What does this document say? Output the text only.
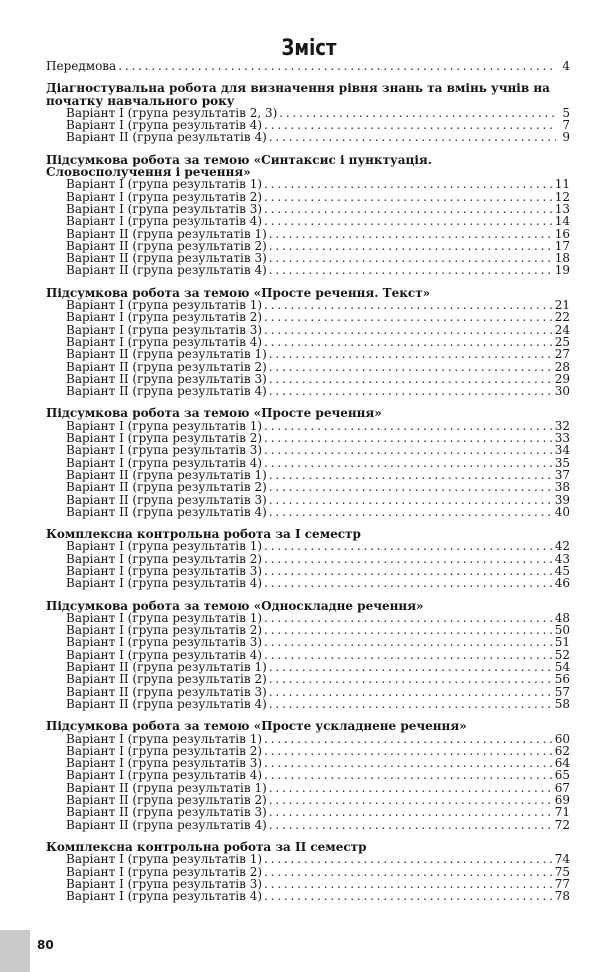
Зміст
Передмова . . .	4
Діагностувальна робота для визначення рівня знань та вмінь учнів на початку навчального року
Варіант І (група результатів 2, 3) . . .	5
Варіант І (група результатів 4) . . .	7
Варіант ІІ (група результатів 4) . . .	9
Підсумкова робота за темою «Синтаксис і пунктуація. Словосполучення і речення»
Варіант І (група результатів 1) . . .	11
Варіант І (група результатів 2) . . .	12
Варіант І (група результатів 3) . . .	13
Варіант І (група результатів 4) . . .	14
Варіант ІІ (група результатів 1) . . .	16
Варіант ІІ (група результатів 2) . . .	17
Варіант ІІ (група результатів 3) . . .	18
Варіант ІІ (група результатів 4) . . .	19
Підсумкова робота за темою «Просте речення. Текст»
Варіант І (група результатів 1) . . .	21
Варіант І (група результатів 2) . . .	22
Варіант І (група результатів 3) . . .	24
Варіант І (група результатів 4) . . .	25
Варіант ІІ (група результатів 1) . . .	27
Варіант ІІ (група результатів 2) . . .	28
Варіант ІІ (група результатів 3) . . .	29
Варіант ІІ (група результатів 4) . . .	30
Підсумкова робота за темою «Просте речення»
Варіант І (група результатів 1) . . .	32
Варіант І (група результатів 2) . . .	33
Варіант І (група результатів 3) . . .	34
Варіант І (група результатів 4) . . .	35
Варіант ІІ (група результатів 1) . . .	37
Варіант ІІ (група результатів 2) . . .	38
Варіант ІІ (група результатів 3) . . .	39
Варіант ІІ (група результатів 4) . . .	40
Комплексна контрольна робота за І семестр
Варіант І (група результатів 1) . . .	42
Варіант І (група результатів 2) . . .	43
Варіант І (група результатів 3) . . .	45
Варіант І (група результатів 4) . . .	46
Підсумкова робота за темою «Односкладне речення»
Варіант І (група результатів 1) . . .	48
Варіант І (група результатів 2) . . .	50
Варіант І (група результатів 3) . . .	51
Варіант І (група результатів 4) . . .	52
Варіант ІІ (група результатів 1) . . .	54
Варіант ІІ (група результатів 2) . . .	56
Варіант ІІ (група результатів 3) . . .	57
Варіант ІІ (група результатів 4) . . .	58
Підсумкова робота за темою «Просте ускладнене речення»
Варіант І (група результатів 1) . . .	60
Варіант І (група результатів 2) . . .	62
Варіант І (група результатів 3) . . .	64
Варіант І (група результатів 4) . . .	65
Варіант ІІ (група результатів 1) . . .	67
Варіант ІІ (група результатів 2) . . .	69
Варіант ІІ (група результатів 3) . . .	71
Варіант ІІ (група результатів 4) . . .	72
Комплексна контрольна робота за ІІ семестр
Варіант І (група результатів 1) . . .	74
Варіант І (група результатів 2) . . .	75
Варіант І (група результатів 3) . . .	77
Варіант І (група результатів 4) . . .	78
80
